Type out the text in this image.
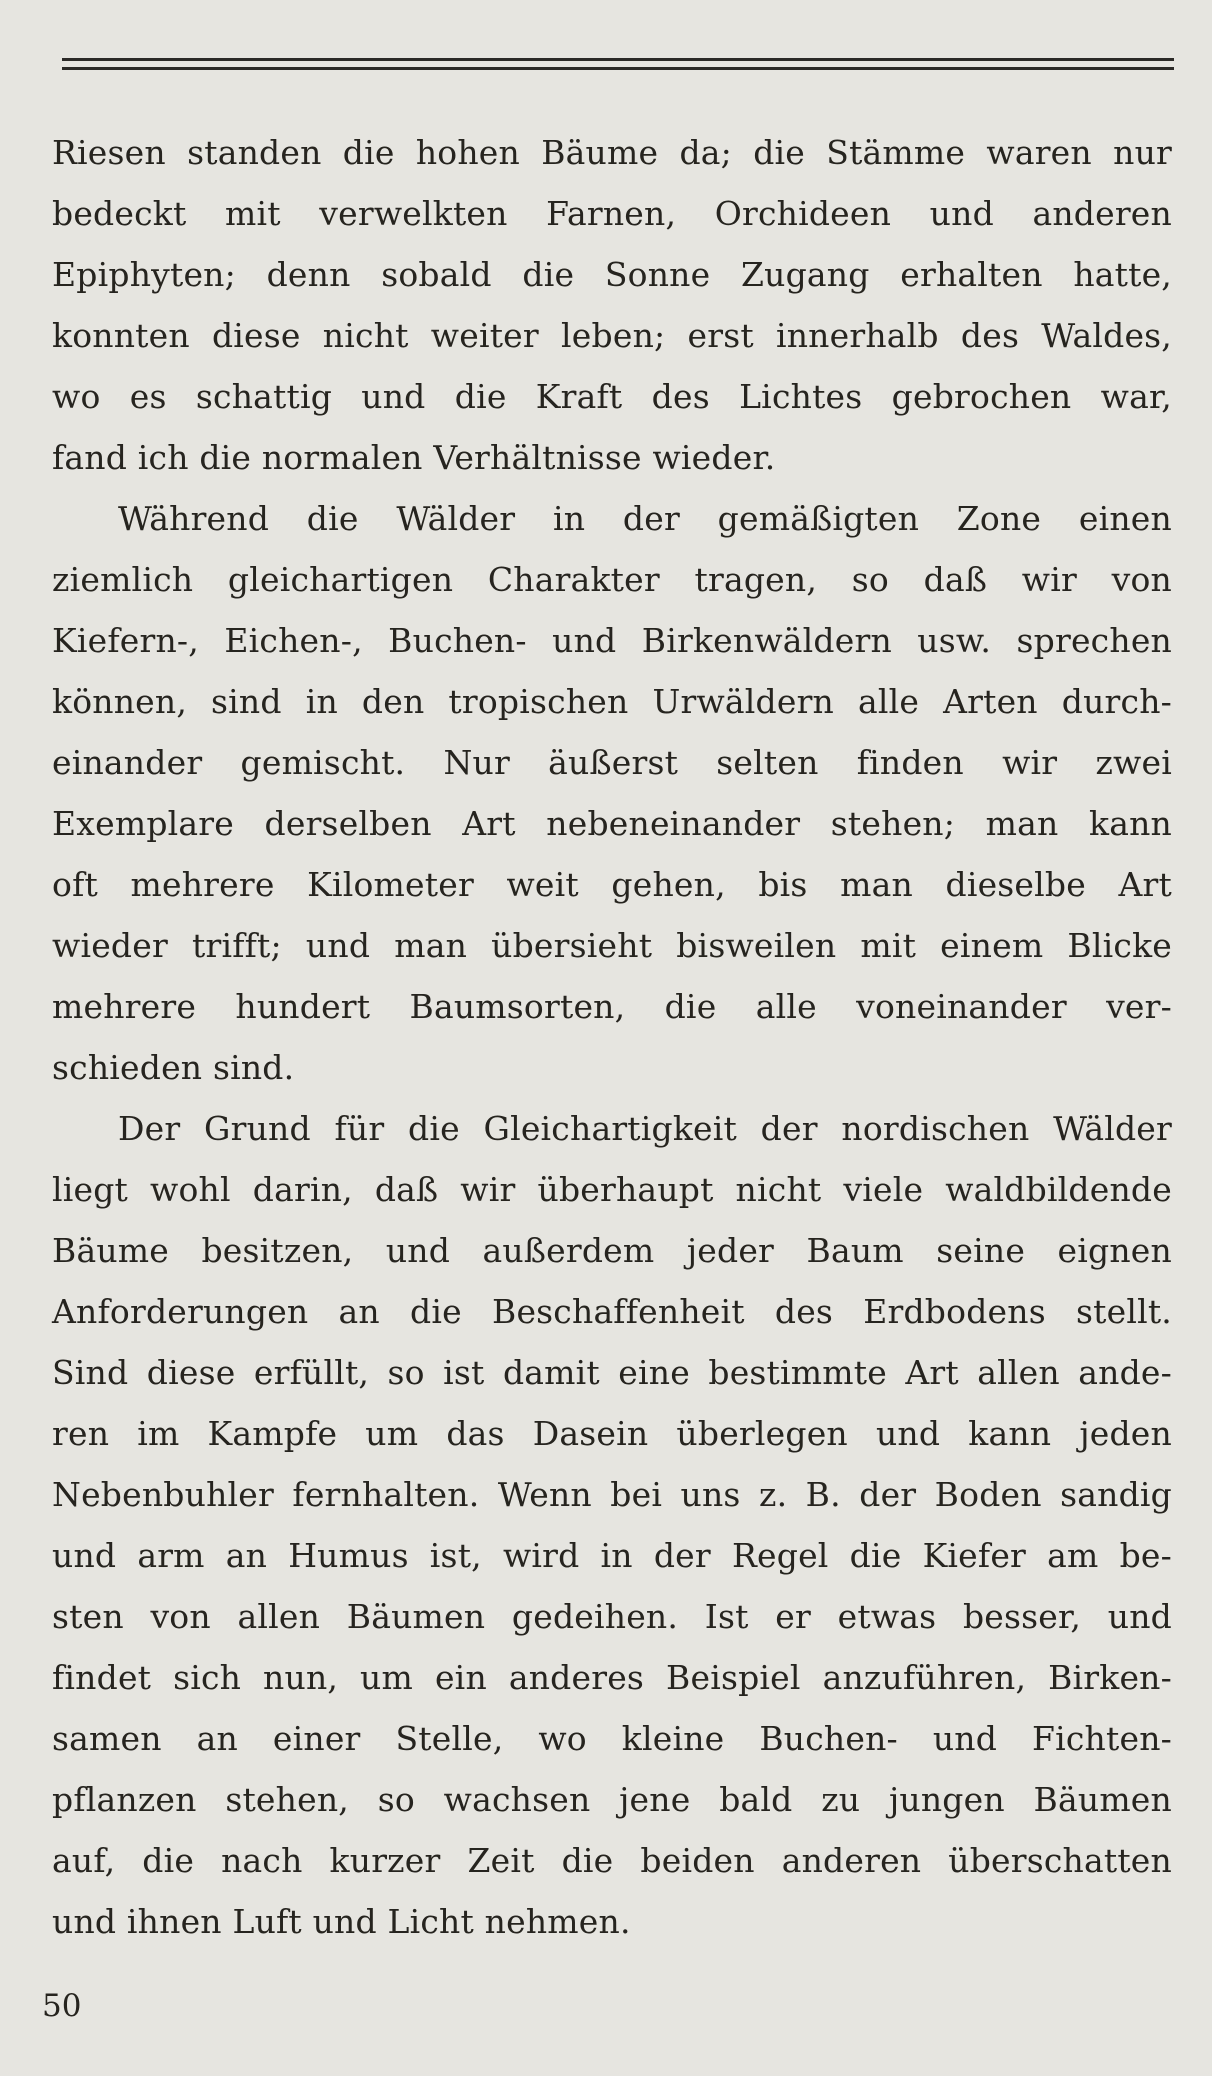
Riesen standen die hohen Bäume da; die Stämme waren nur
bedeckt mit verwelkten Farnen, Orchideen und anderen
Epiphyten; denn sobald die Sonne Zugang erhalten hatte,
konnten diese nicht weiter leben; erst innerhalb des Waldes,
wo es schattig und die Kraft des Lichtes gebrochen war,
fand ich die normalen Verhältnisse wieder.
Während die Wälder in der gemäßigten Zone einen
ziemlich gleichartigen Charakter tragen, so daß wir von
Kiefern-, Eichen-, Buchen- und Birkenwäldern usw. sprechen
können, sind in den tropischen Urwäldern alle Arten durch-
einander gemischt. Nur äußerst selten finden wir zwei
Exemplare derselben Art nebeneinander stehen; man kann
oft mehrere Kilometer weit gehen, bis man dieselbe Art
wieder trifft; und man übersieht bisweilen mit einem Blicke
mehrere hundert Baumsorten, die alle voneinander ver-
schieden sind.
Der Grund für die Gleichartigkeit der nordischen Wälder
liegt wohl darin, daß wir überhaupt nicht viele waldbildende
Bäume besitzen, und außerdem jeder Baum seine eignen
Anforderungen an die Beschaffenheit des Erdbodens stellt.
Sind diese erfüllt, so ist damit eine bestimmte Art allen ande-
ren im Kampfe um das Dasein überlegen und kann jeden
Nebenbuhler fernhalten. Wenn bei uns z. B. der Boden sandig
und arm an Humus ist, wird in der Regel die Kiefer am be-
sten von allen Bäumen gedeihen. Ist er etwas besser, und
findet sich nun, um ein anderes Beispiel anzuführen, Birken-
samen an einer Stelle, wo kleine Buchen- und Fichten-
pflanzen stehen, so wachsen jene bald zu jungen Bäumen
auf, die nach kurzer Zeit die beiden anderen überschatten
und ihnen Luft und Licht nehmen.
50
